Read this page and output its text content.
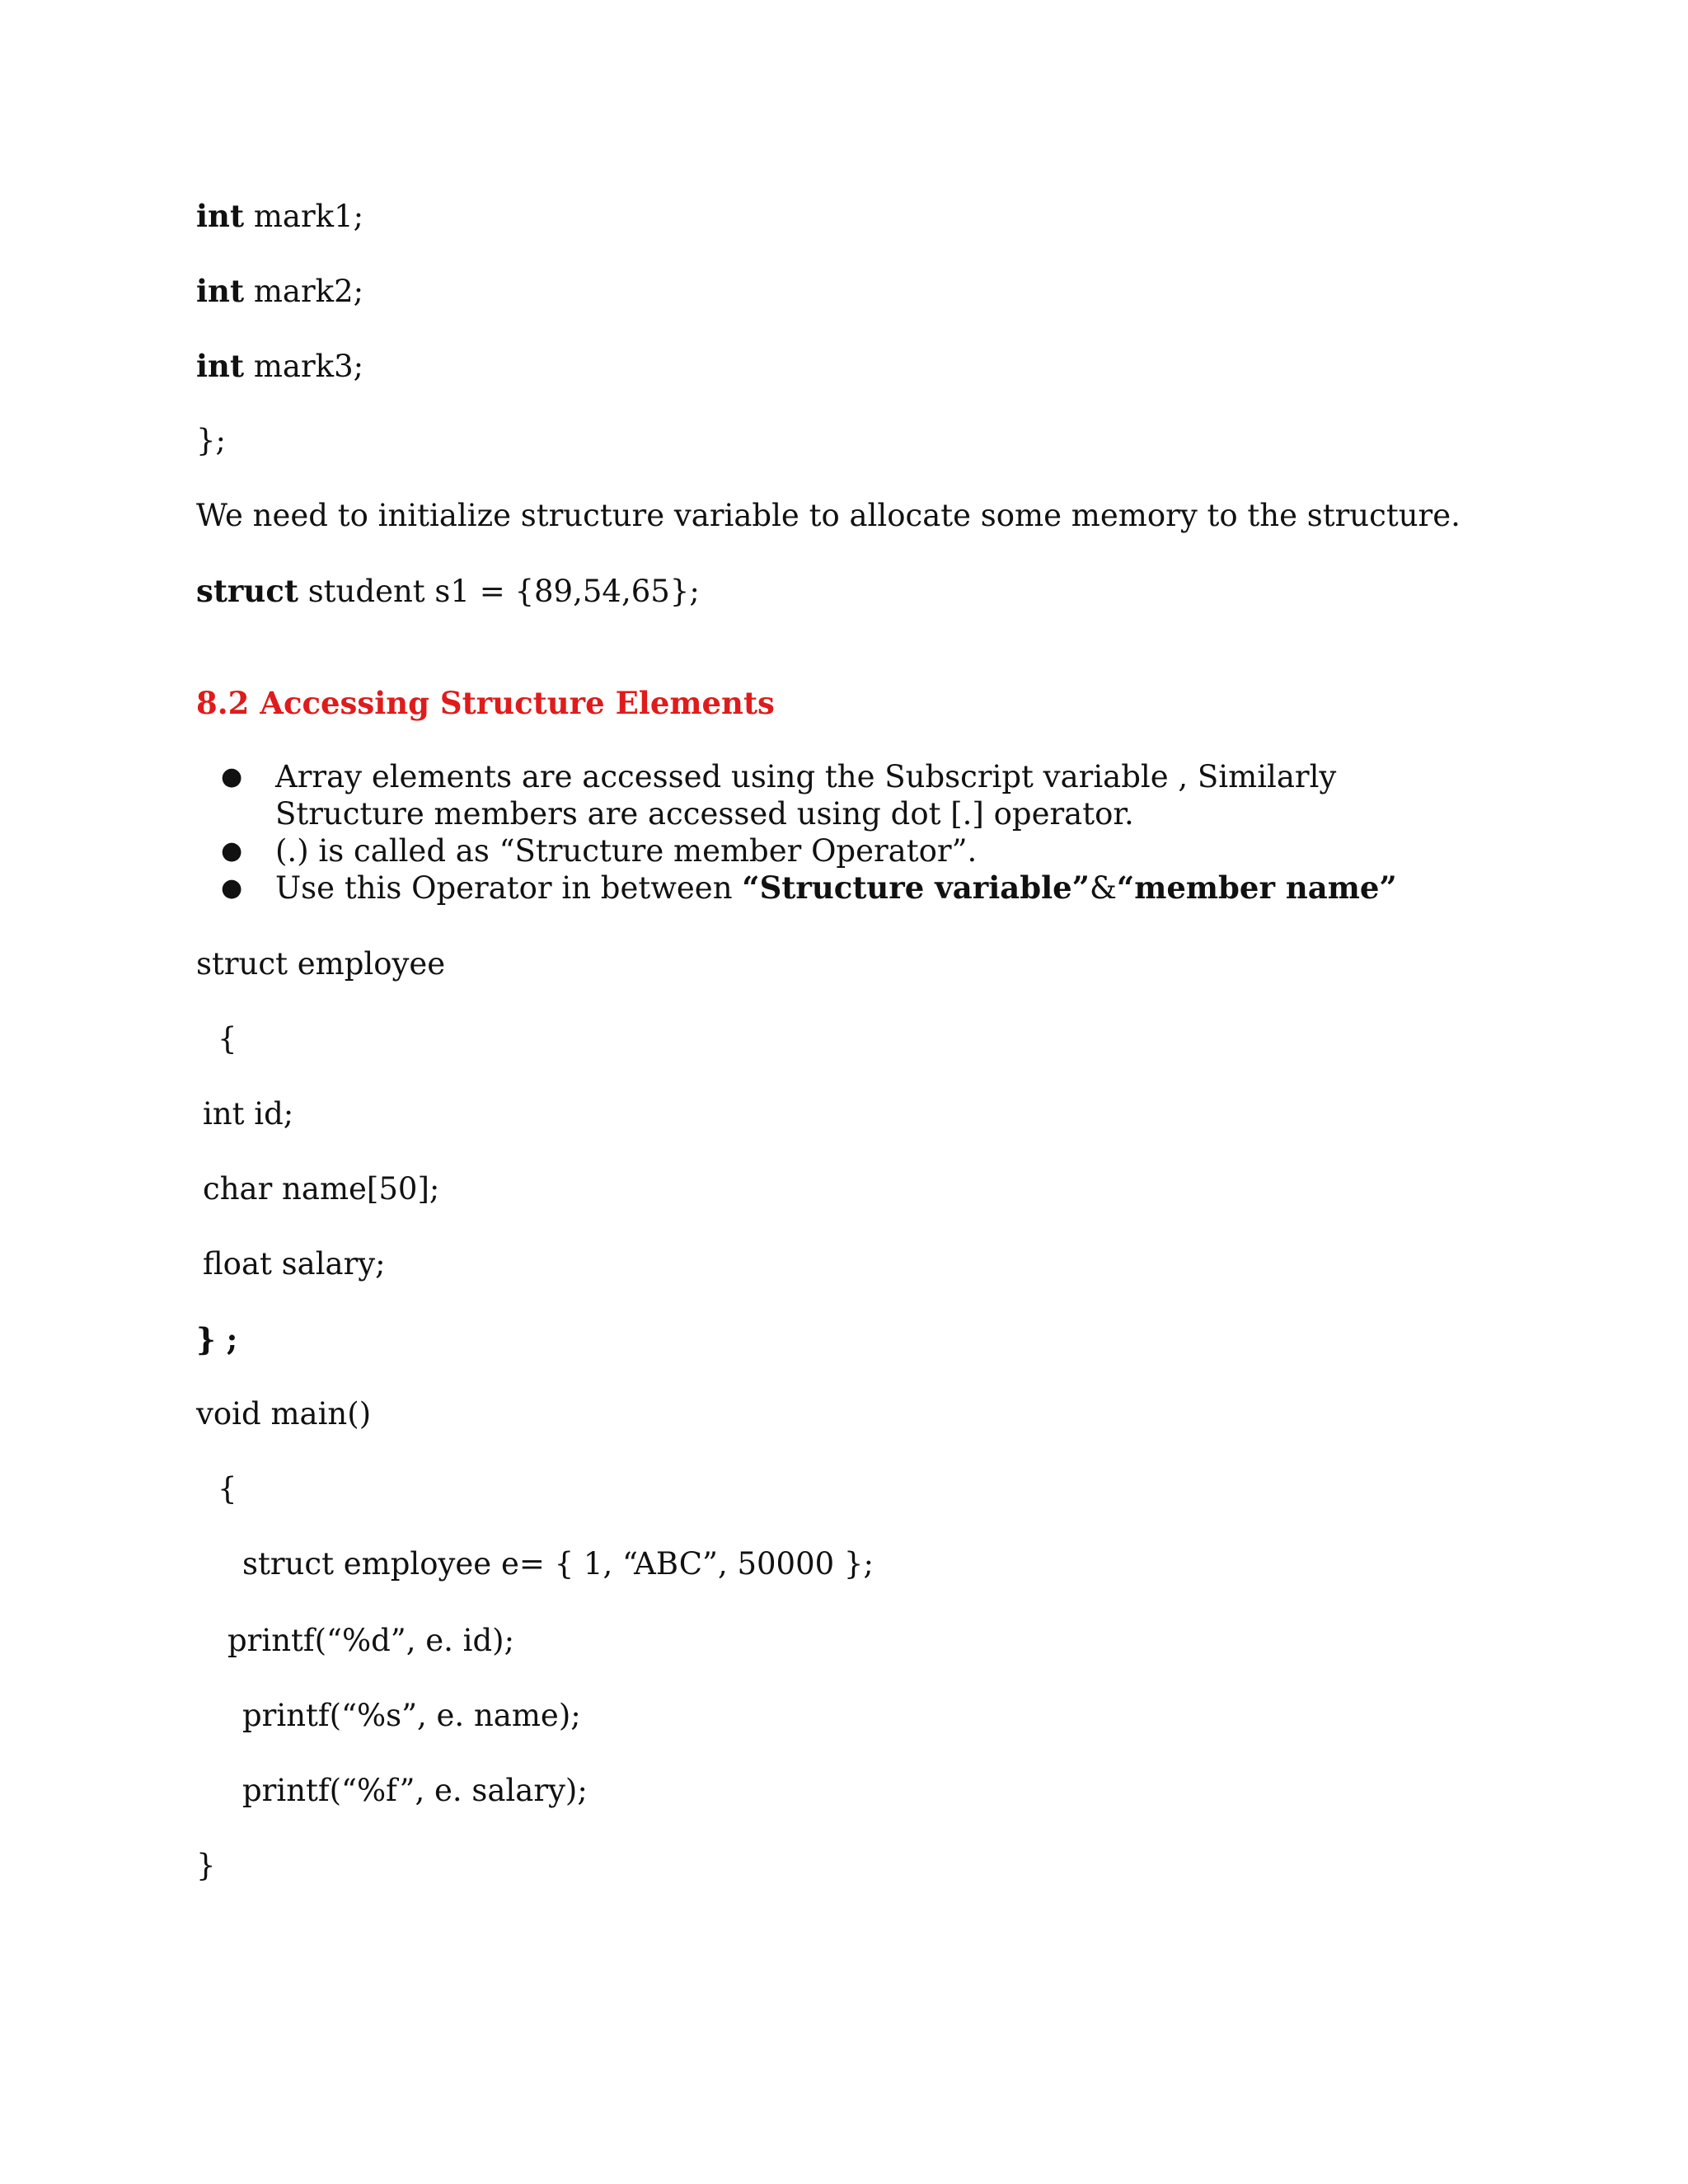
int mark1;
int mark2;
int mark3;
};
We need to initialize structure variable to allocate some memory to the structure.
struct student s1 = {89,54,65};
8.2 Accessing Structure Elements
● Array elements are accessed using the Subscript variable , Similarly Structure members are accessed using dot [.] operator.
● (.) is called as “Structure member Operator”.
● Use this Operator in between “Structure variable”&“member name”
struct employee
{
int id;
char name[50];
float salary;
} ;
void main()
{
struct employee e= { 1, “ABC”, 50000 };
printf(“%d”, e. id);
printf(“%s”, e. name);
printf(“%f”, e. salary);
}
